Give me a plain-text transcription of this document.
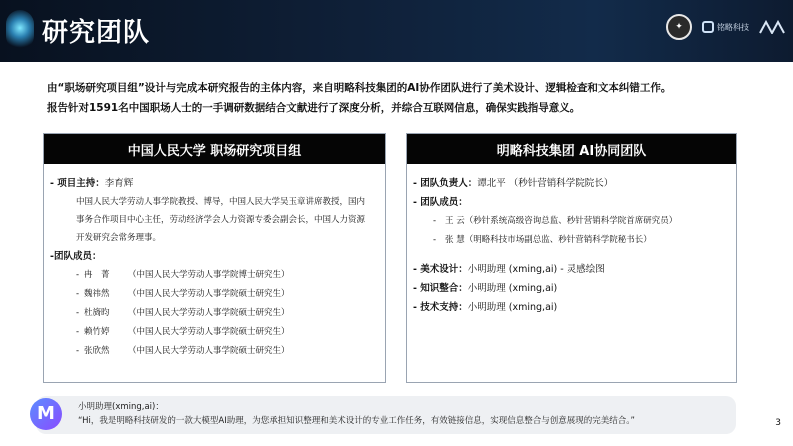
研究团队	✦	铭略科技
由“职场研究项目组”设计与完成本研究报告的主体内容，来自明略科技集团的AI协作团队进行了美术设计、逻辑检查和文本纠错工作。
报告针对1591名中国职场人士的一手调研数据结合文献进行了深度分析，并综合互联网信息，确保实践指导意义。
中国人民大学 职场研究项目组
- 项目主持：李育辉
中国人民大学劳动人事学院教授、博导，中国人民大学吴玉章讲席教授，国内事务合作项目中心主任，劳动经济学会人力资源专委会副会长，中国人力资源开发研究会常务理事。
-团队成员：
- 冉　菁	（中国人民大学劳动人事学院博士研究生）
- 魏祎然	（中国人民大学劳动人事学院硕士研究生）
- 杜旖昀	（中国人民大学劳动人事学院硕士研究生）
- 赖竹婷	（中国人民大学劳动人事学院硕士研究生）
- 张欣然	（中国人民大学劳动人事学院硕士研究生）
明略科技集团 AI协同团队
- 团队负责人：谭北平 （秒针营销科学院院长）
- 团队成员：
-	王 云 （秒针系统高级咨询总监、秒针营销科学院首席研究员）
-	张 慧 （明略科技市场副总监、秒针营销科学院秘书长）
- 美术设计：小明助理 (xming,ai) - 灵感绘图
- 知识整合：小明助理 (xming,ai)
- 技术支持：小明助理 (xming,ai)
M	小明助理(xming,ai)：
“Hi，我是明略科技研发的一款大模型AI助理，为您承担知识整理和美术设计的专业工作任务，有效链接信息，实现信息整合与创意展现的完美结合。”	3
